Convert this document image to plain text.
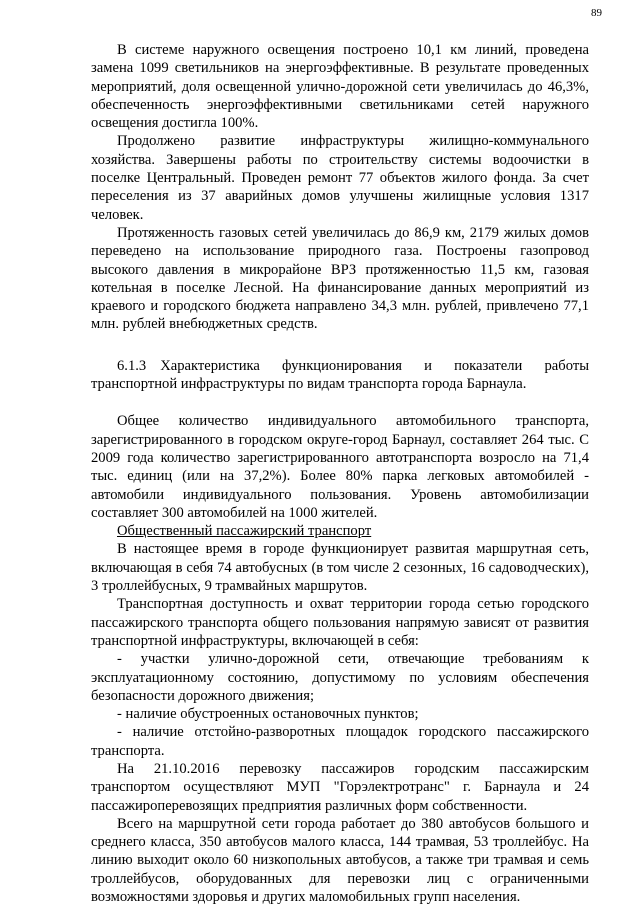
89

В системе наружного освещения построено 10,1 км линий, проведена замена 1099 светильников на энергоэффективные. В результате проведенных мероприятий, доля освещенной улично-дорожной сети увеличилась до 46,3%, обеспеченность энергоэффективными светильниками сетей наружного освещения достигла 100%.

Продолжено развитие инфраструктуры жилищно-коммунального хозяйства. Завершены работы по строительству системы водоочистки в поселке Центральный. Проведен ремонт 77 объектов жилого фонда. За счет переселения из 37 аварийных домов улучшены жилищные условия 1317 человек.

Протяженность газовых сетей увеличилась до 86,9 км, 2179 жилых домов переведено на использование природного газа. Построены газопровод высокого давления в микрорайоне ВРЗ протяженностью 11,5 км, газовая котельная в поселке Лесной. На финансирование данных мероприятий из краевого и городского бюджета направлено 34,3 млн. рублей, привлечено 77,1 млн. рублей внебюджетных средств.

6.1.3 Характеристика функционирования и показатели работы транспортной инфраструктуры по видам транспорта города Барнаула.

Общее количество индивидуального автомобильного транспорта, зарегистрированного в городском округе-город Барнаул, составляет 264 тыс. С 2009 года количество зарегистрированного автотранспорта возросло на 71,4 тыс. единиц (или на 37,2%). Более 80% парка легковых автомобилей - автомобили индивидуального пользования. Уровень автомобилизации составляет 300 автомобилей на 1000 жителей.

Общественный пассажирский транспорт

В настоящее время в городе функционирует развитая маршрутная сеть, включающая в себя 74 автобусных (в том числе 2 сезонных, 16 садоводческих), 3 троллейбусных, 9 трамвайных маршрутов.

Транспортная доступность и охват территории города сетью городского пассажирского транспорта общего пользования напрямую зависят от развития транспортной инфраструктуры, включающей в себя:

- участки улично-дорожной сети, отвечающие требованиям к эксплуатационному состоянию, допустимому по условиям обеспечения безопасности дорожного движения;

- наличие обустроенных остановочных пунктов;

- наличие отстойно-разворотных площадок городского пассажирского транспорта.

На 21.10.2016 перевозку пассажиров городским пассажирским транспортом осуществляют МУП "Горэлектротранс" г. Барнаула и 24 пассажироперевозящих предприятия различных форм собственности.

Всего на маршрутной сети города работает до 380 автобусов большого и среднего класса, 350 автобусов малого класса, 144 трамвая, 53 троллейбус. На линию выходит около 60 низкопольных автобусов, а также три трамвая и семь троллейбусов, оборудованных для перевозки лиц с ограниченными возможностями здоровья и других маломобильных групп населения.
